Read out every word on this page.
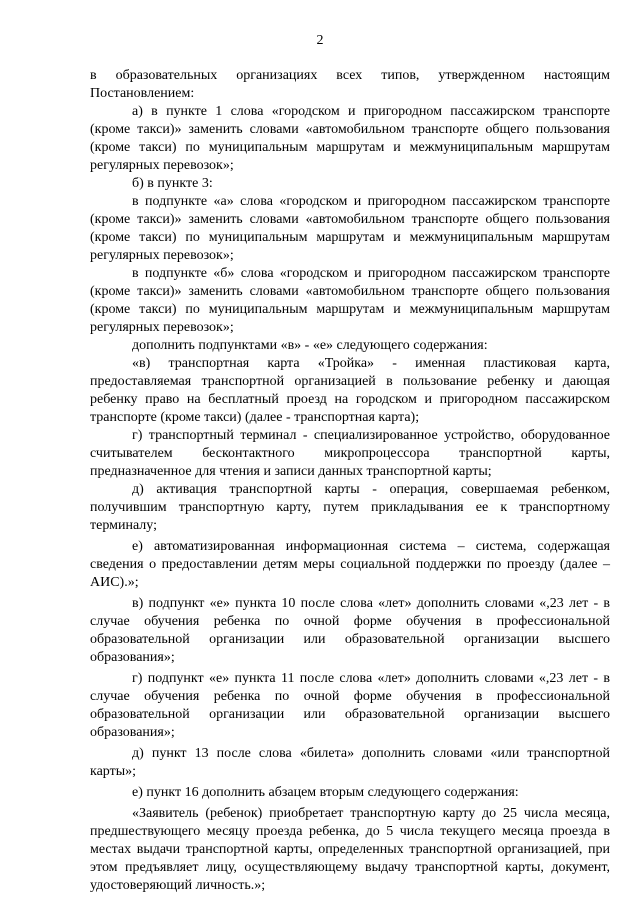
2

в образовательных организациях всех типов, утвержденном настоящим Постановлением:

а) в пункте 1 слова «городском и пригородном пассажирском транспорте (кроме такси)» заменить словами «автомобильном транспорте общего пользования (кроме такси) по муниципальным маршрутам и межмуниципальным маршрутам регулярных перевозок»;

б) в пункте 3:

в подпункте «а» слова «городском и пригородном пассажирском транспорте (кроме такси)» заменить словами «автомобильном транспорте общего пользования (кроме такси) по муниципальным маршрутам и межмуниципальным маршрутам регулярных перевозок»;

в подпункте «б» слова «городском и пригородном пассажирском транспорте (кроме такси)» заменить словами «автомобильном транспорте общего пользования (кроме такси) по муниципальным маршрутам и межмуниципальным маршрутам регулярных перевозок»;

дополнить подпунктами «в» - «е» следующего содержания:

«в) транспортная карта «Тройка» - именная пластиковая карта, предоставляемая транспортной организацией в пользование ребенку и дающая ребенку право на бесплатный проезд на городском и пригородном пассажирском транспорте (кроме такси) (далее - транспортная карта);

г) транспортный терминал - специализированное устройство, оборудованное считывателем бесконтактного микропроцессора транспортной карты, предназначенное для чтения и записи данных транспортной карты;

д) активация транспортной карты - операция, совершаемая ребенком, получившим транспортную карту, путем прикладывания ее к транспортному терминалу;

е) автоматизированная информационная система – система, содержащая сведения о предоставлении детям меры социальной поддержки по проезду (далее – АИС).»;

в) подпункт «е» пункта 10 после слова «лет» дополнить словами «,23 лет - в случае обучения ребенка по очной форме обучения в профессиональной образовательной организации или образовательной организации высшего образования»;

г) подпункт «е» пункта 11 после слова «лет» дополнить словами «,23 лет - в случае обучения ребенка по очной форме обучения в профессиональной образовательной организации или образовательной организации высшего образования»;

д) пункт 13 после слова «билета» дополнить словами «или транспортной карты»;

е) пункт 16 дополнить абзацем вторым следующего содержания:

«Заявитель (ребенок) приобретает транспортную карту до 25 числа месяца, предшествующего месяцу проезда ребенка, до 5 числа текущего месяца проезда в местах выдачи транспортной карты, определенных транспортной организацией, при этом предъявляет лицу, осуществляющему выдачу транспортной карты, документ, удостоверяющий личность.»;
